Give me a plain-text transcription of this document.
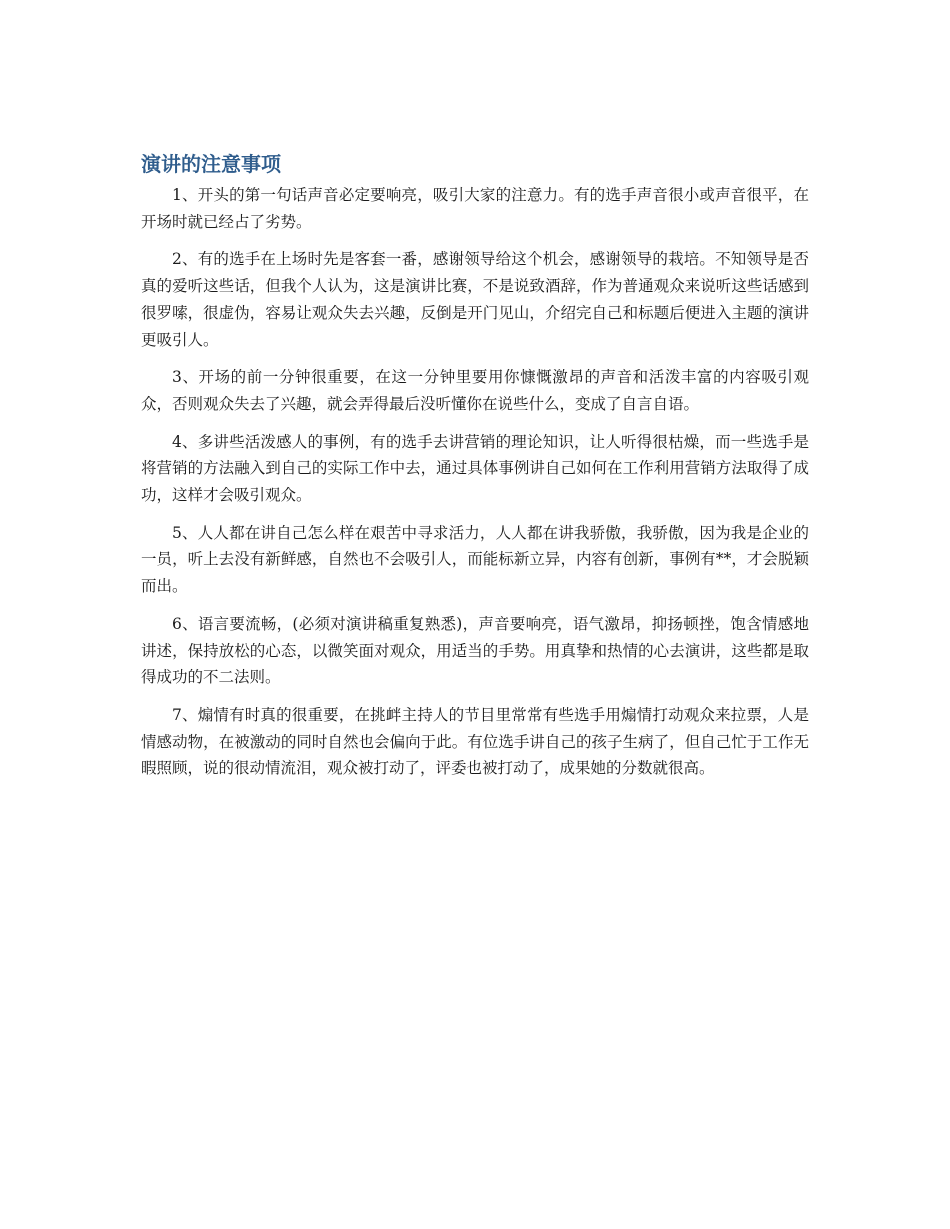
演讲的注意事项

1、开头的第一句话声音必定要响亮，吸引大家的注意力。有的选手声音很小或声音很平，在开场时就已经占了劣势。

2、有的选手在上场时先是客套一番，感谢领导给这个机会，感谢领导的栽培。不知领导是否真的爱听这些话，但我个人认为，这是演讲比赛，不是说致酒辞，作为普通观众来说听这些话感到很罗嗦，很虚伪，容易让观众失去兴趣，反倒是开门见山，介绍完自己和标题后便进入主题的演讲更吸引人。

3、开场的前一分钟很重要，在这一分钟里要用你慷慨激昂的声音和活泼丰富的内容吸引观众，否则观众失去了兴趣，就会弄得最后没听懂你在说些什么，变成了自言自语。

4、多讲些活泼感人的事例，有的选手去讲营销的理论知识，让人听得很枯燥，而一些选手是将营销的方法融入到自己的实际工作中去，通过具体事例讲自己如何在工作利用营销方法取得了成功，这样才会吸引观众。

5、人人都在讲自己怎么样在艰苦中寻求活力，人人都在讲我骄傲，我骄傲，因为我是企业的一员，听上去没有新鲜感，自然也不会吸引人，而能标新立异，内容有创新，事例有**，才会脱颖而出。

6、语言要流畅，(必须对演讲稿重复熟悉)，声音要响亮，语气激昂，抑扬顿挫，饱含情感地讲述，保持放松的心态，以微笑面对观众，用适当的手势。用真挚和热情的心去演讲，这些都是取得成功的不二法则。

7、煽情有时真的很重要，在挑衅主持人的节目里常常有些选手用煽情打动观众来拉票，人是情感动物，在被激动的同时自然也会偏向于此。有位选手讲自己的孩子生病了，但自己忙于工作无暇照顾，说的很动情流泪，观众被打动了，评委也被打动了，成果她的分数就很高。
